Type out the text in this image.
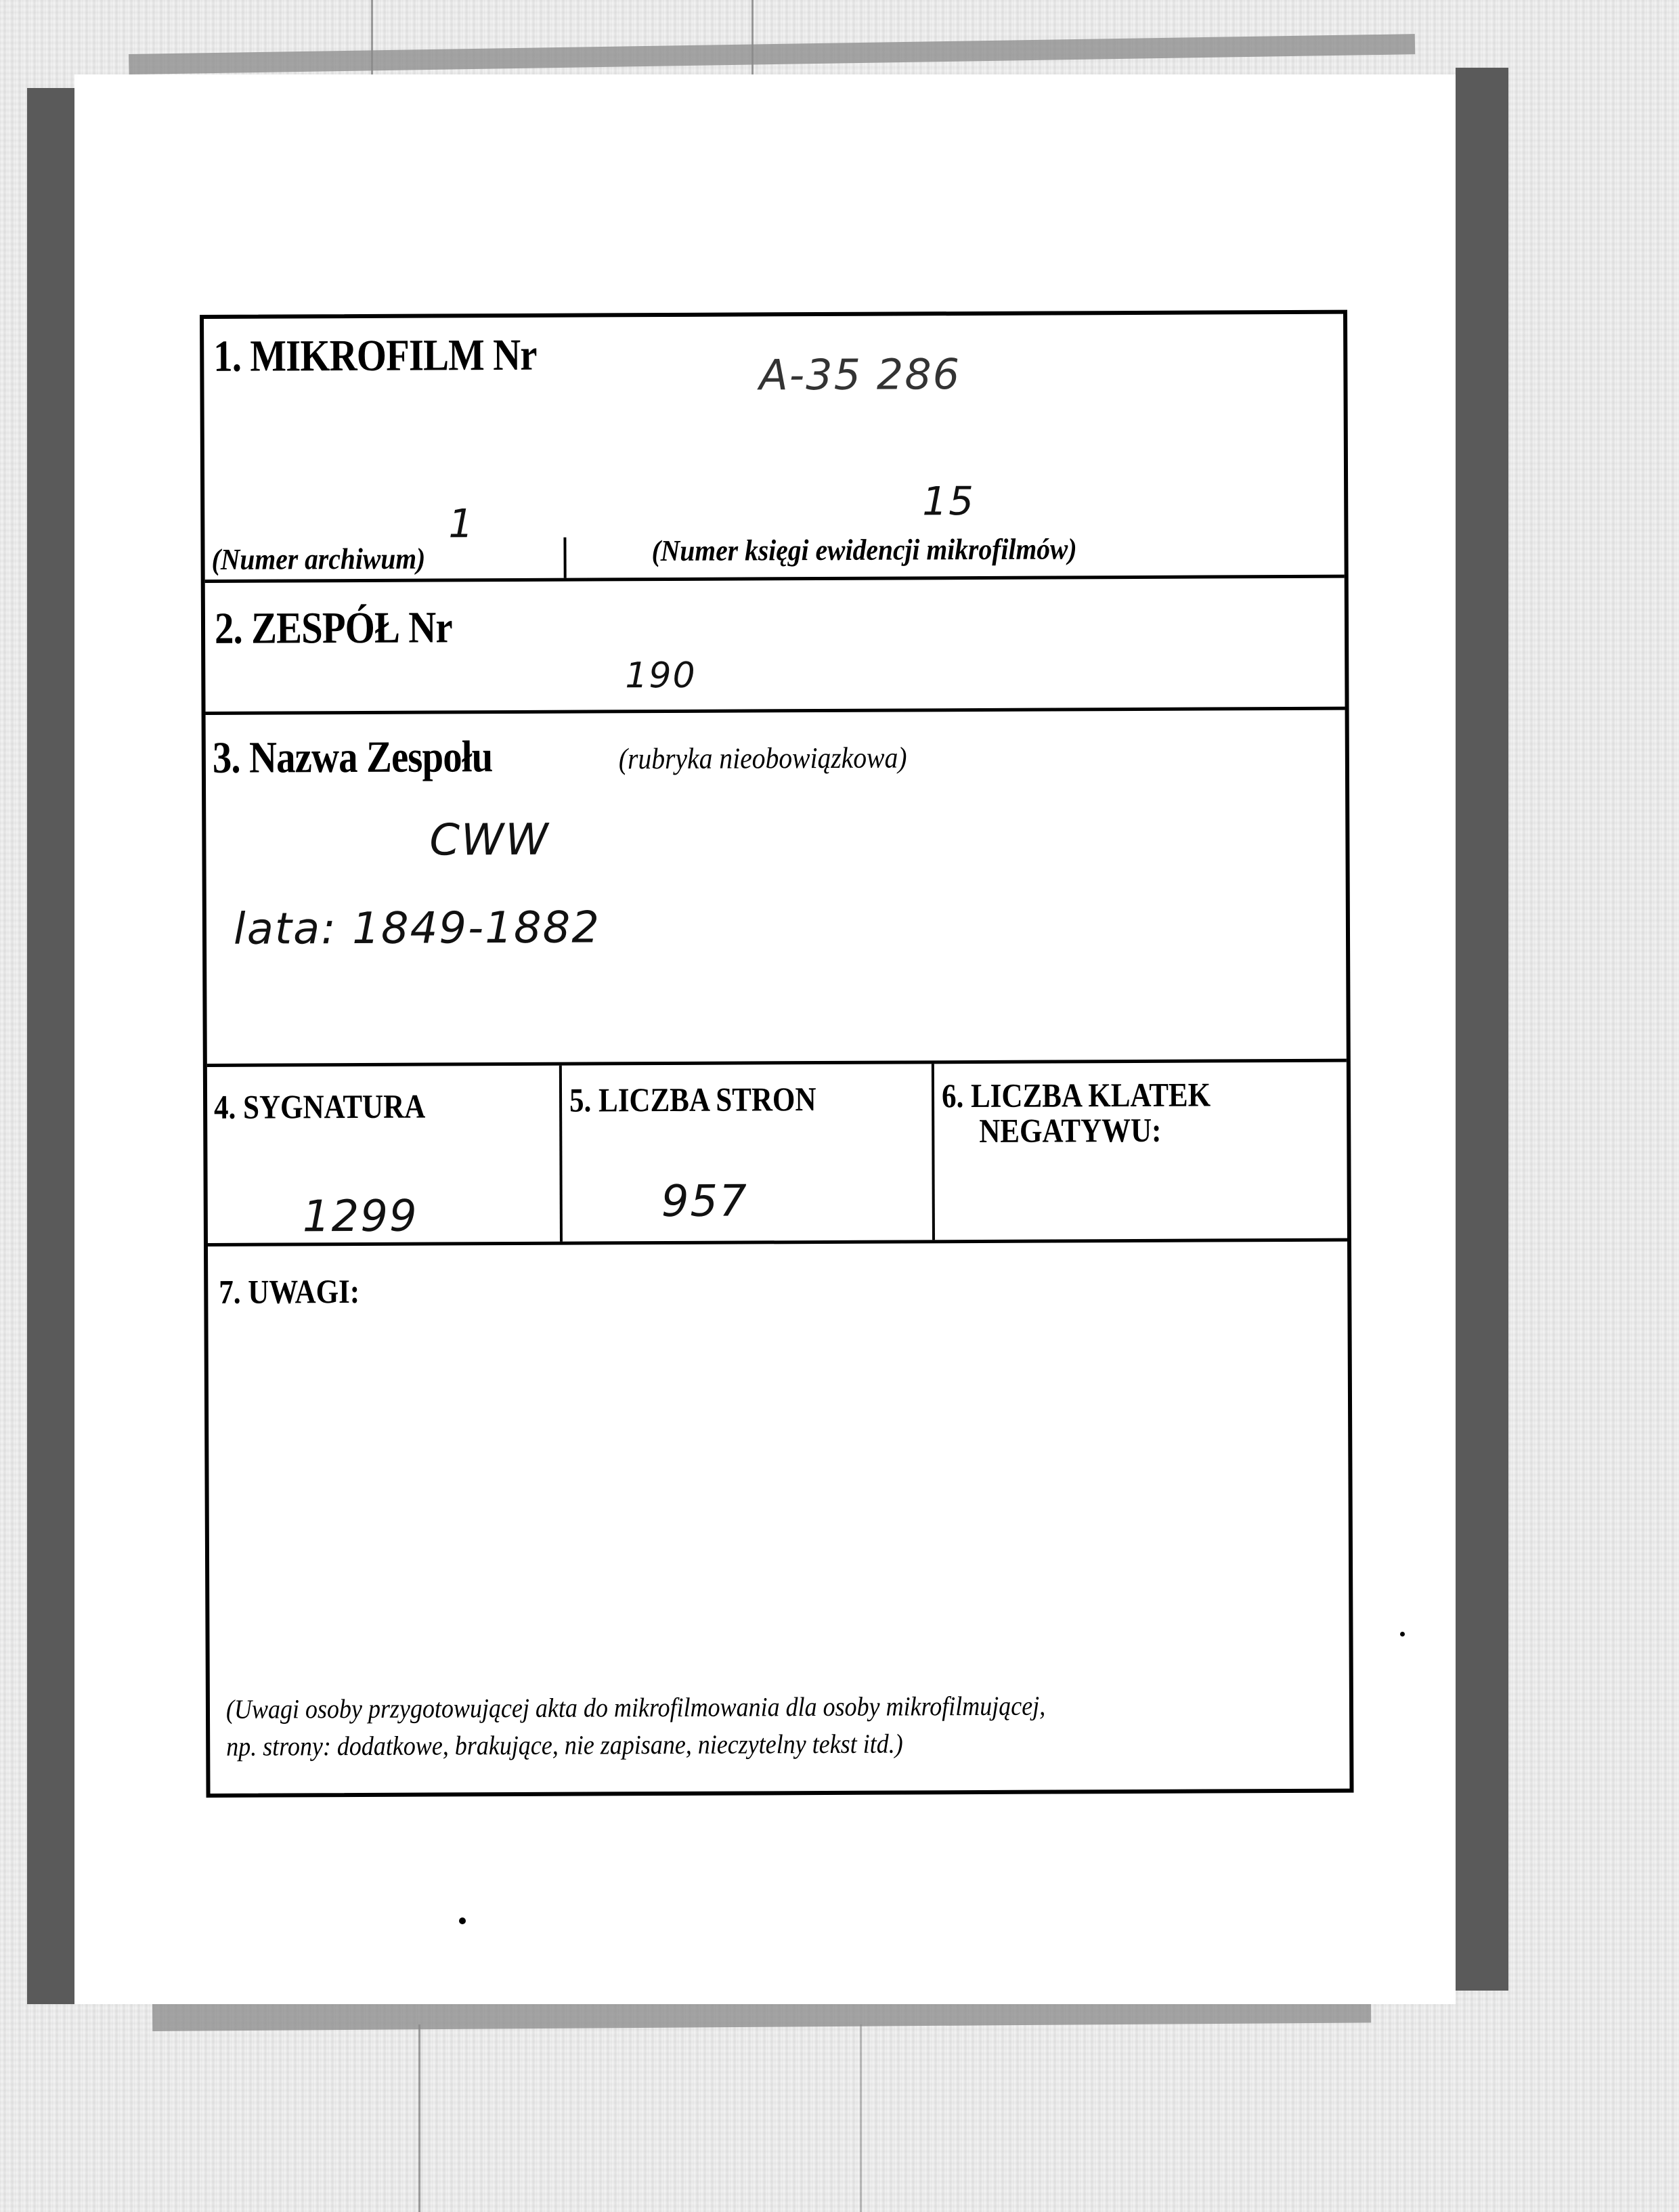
1. MIKROFILM Nr	A-35 286
1	15
(Numer archiwum)	(Numer księgi ewidencji mikrofilmów)
2. ZESPÓŁ Nr
190
3. Nazwa Zespołu	(rubryka nieobowiązkowa)
CWW
lata: 1849-1882
4. SYGNATURA
1299
5. LICZBA STRON
957
6. LICZBA KLATEK
NEGATYWU:
7. UWAGI:
(Uwagi osoby przygotowującej akta do mikrofilmowania dla osoby mikrofilmującej,
np. strony: dodatkowe, brakujące, nie zapisane, nieczytelny tekst itd.)
